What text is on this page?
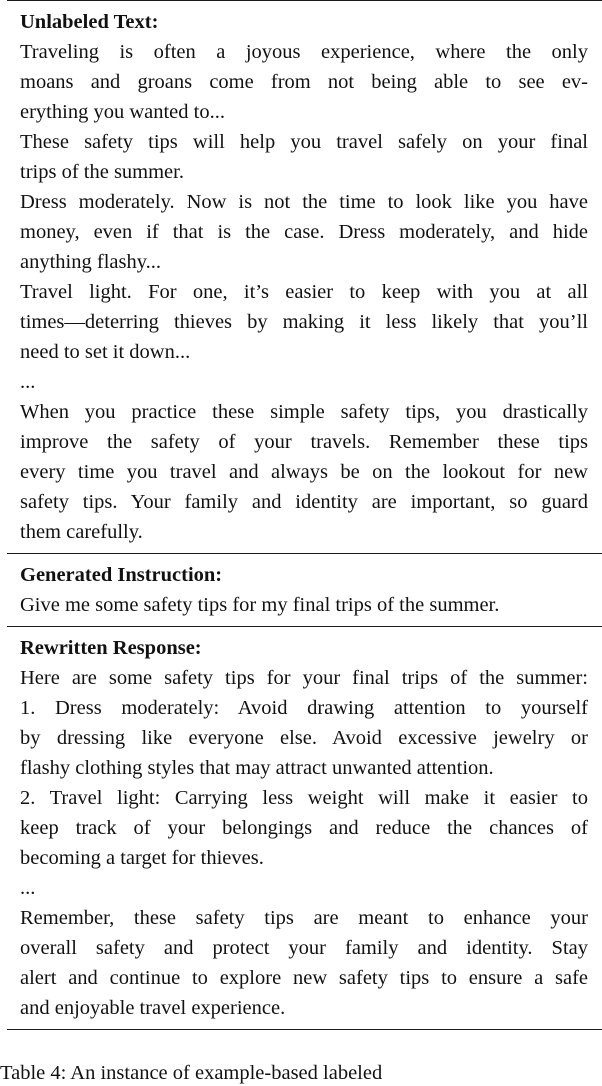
Unlabeled Text:
Traveling is often a joyous experience, where the only
moans and groans come from not being able to see ev-
erything you wanted to...
These safety tips will help you travel safely on your final
trips of the summer.
Dress moderately. Now is not the time to look like you have
money, even if that is the case. Dress moderately, and hide
anything flashy...
Travel light. For one, it’s easier to keep with you at all
times—deterring thieves by making it less likely that you’ll
need to set it down...
...
When you practice these simple safety tips, you drastically
improve the safety of your travels. Remember these tips
every time you travel and always be on the lookout for new
safety tips. Your family and identity are important, so guard
them carefully.
Generated Instruction:
Give me some safety tips for my final trips of the summer.
Rewritten Response:
Here are some safety tips for your final trips of the summer:
1. Dress moderately: Avoid drawing attention to yourself
by dressing like everyone else. Avoid excessive jewelry or
flashy clothing styles that may attract unwanted attention.
2. Travel light: Carrying less weight will make it easier to
keep track of your belongings and reduce the chances of
becoming a target for thieves.
...
Remember, these safety tips are meant to enhance your
overall safety and protect your family and identity. Stay
alert and continue to explore new safety tips to ensure a safe
and enjoyable travel experience.
Table 4: An instance of example-based labeled
